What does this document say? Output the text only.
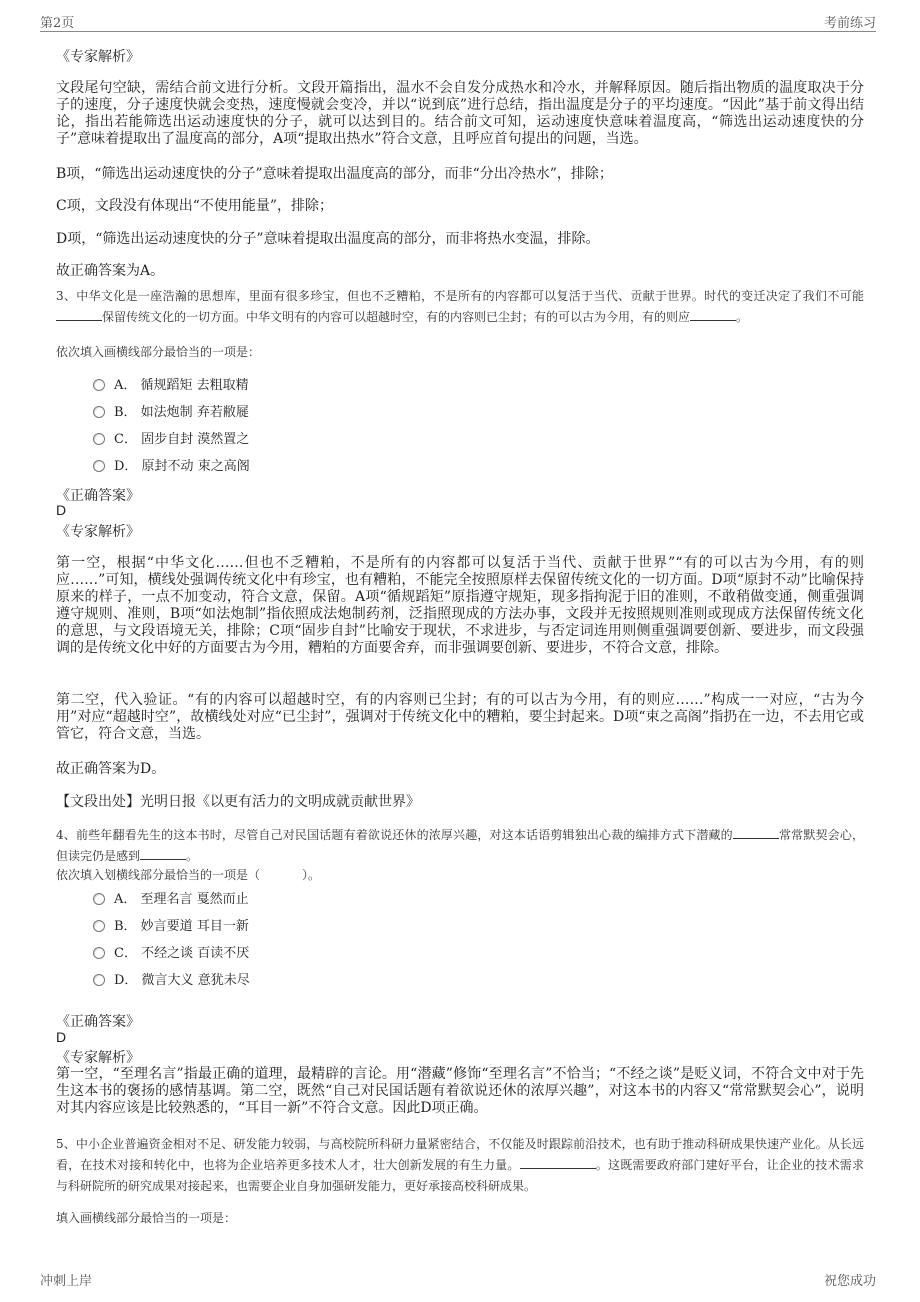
第2页	考前练习
《专家解析》
文段尾句空缺，需结合前文进行分析。文段开篇指出，温水不会自发分成热水和冷水，并解释原因。随后指出物质的温度取决于分子的速度，分子速度快就会变热，速度慢就会变冷，并以“说到底”进行总结，指出温度是分子的平均速度。“因此”基于前文得出结论，指出若能筛选出运动速度快的分子，就可以达到目的。结合前文可知，运动速度快意味着温度高，“筛选出运动速度快的分子”意味着提取出了温度高的部分，A项“提取出热水”符合文意，且呼应首句提出的问题，当选。
B项，“筛选出运动速度快的分子”意味着提取出温度高的部分，而非“分出冷热水”，排除；
C项，文段没有体现出“不使用能量”，排除；
D项，“筛选出运动速度快的分子”意味着提取出温度高的部分，而非将热水变温，排除。
故正确答案为A。
3、中华文化是一座浩瀚的思想库，里面有很多珍宝，但也不乏糟粕，不是所有的内容都可以复活于当代、贡献于世界。时代的变迁决定了我们不可能保留传统文化的一切方面。中华文明有的内容可以超越时空，有的内容则已尘封；有的可以古为今用，有的则应	。
依次填入画横线部分最恰当的一项是：
A． 循规蹈矩 去粗取精
B． 如法炮制 弃若敝屣
C． 固步自封 漠然置之
D． 原封不动 束之高阁
《正确答案》
D
《专家解析》
第一空，根据“中华文化……但也不乏糟粕，不是所有的内容都可以复活于当代、贡献于世界”“有的可以古为今用，有的则应……”可知，横线处强调传统文化中有珍宝，也有糟粕，不能完全按照原样去保留传统文化的一切方面。D项“原封不动”比喻保持原来的样子，一点不加变动，符合文意，保留。A项“循规蹈矩”原指遵守规矩，现多指拘泥于旧的准则，不敢稍做变通，侧重强调遵守规则、准则，B项“如法炮制”指依照成法炮制药剂，泛指照现成的方法办事，文段并无按照规则准则或现成方法保留传统文化的意思，与文段语境无关，排除；C项“固步自封”比喻安于现状，不求进步，与否定词连用则侧重强调要创新、要进步，而文段强调的是传统文化中好的方面要古为今用，糟粕的方面要舍弃，而非强调要创新、要进步，不符合文意，排除。
第二空，代入验证。“有的内容可以超越时空，有的内容则已尘封；有的可以古为今用，有的则应……”构成一一对应，“古为今用”对应“超越时空”，故横线处对应“已尘封”，强调对于传统文化中的糟粕，要尘封起来。D项“束之高阁”指扔在一边，不去用它或管它，符合文意，当选。
故正确答案为D。
【文段出处】光明日报《以更有活力的文明成就贡献世界》
4、前些年翻看先生的这本书时，尽管自己对民国话题有着欲说还休的浓厚兴趣，对这本话语剪辑独出心裁的编排方式下潜藏的	常常默契会心，但读完仍是感到	。
依次填入划横线部分最恰当的一项是（	）。
A． 至理名言 戛然而止
B． 妙言要道 耳目一新
C． 不经之谈 百读不厌
D． 微言大义 意犹未尽
《正确答案》
D
《专家解析》
第一空，“至理名言”指最正确的道理，最精辟的言论。用“潜藏”修饰“至理名言”不恰当；“不经之谈”是贬义词，不符合文中对于先生这本书的褒扬的感情基调。第二空，既然“自己对民国话题有着欲说还休的浓厚兴趣”，对这本书的内容又“常常默契会心”，说明对其内容应该是比较熟悉的，“耳目一新”不符合文意。因此D项正确。
5、中小企业普遍资金相对不足、研发能力较弱，与高校院所科研力量紧密结合，不仅能及时跟踪前沿技术，也有助于推动科研成果快速产业化。从长远看，在技术对接和转化中，也将为企业培养更多技术人才，壮大创新发展的有生力量。	。这既需要政府部门建好平台，让企业的技术需求与科研院所的研究成果对接起来，也需要企业自身加强研发能力，更好承接高校科研成果。
填入画横线部分最恰当的一项是：
冲刺上岸	祝您成功
